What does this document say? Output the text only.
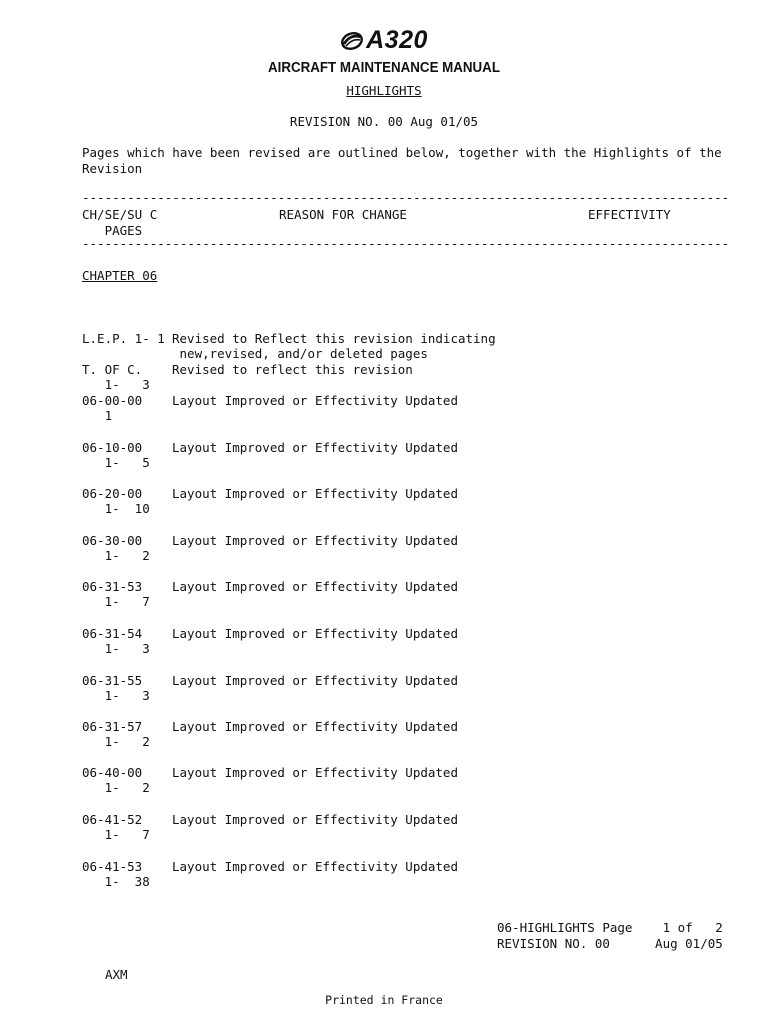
A320
AIRCRAFT MAINTENANCE MANUAL
HIGHLIGHTS
REVISION NO. 00 Aug 01/05
Pages which have been revised are outlined below, together with the Highlights of the
Revision
--------------------------------------------------------------------------------------
CH/SE/SU C
PAGES
REASON FOR CHANGE	EFFECTIVITY
--------------------------------------------------------------------------------------
CHAPTER 06
L.E.P. 1- 1 Revised to Reflect this revision indicating
new,revised, and/or deleted pages
T. OF C. Revised to reflect this revision
1-   3
06-00-00 Layout Improved or Effectivity Updated
1
06-10-00 Layout Improved or Effectivity Updated
1-   5
06-20-00 Layout Improved or Effectivity Updated
1-  10
06-30-00 Layout Improved or Effectivity Updated
1-   2
06-31-53 Layout Improved or Effectivity Updated
1-   7
06-31-54 Layout Improved or Effectivity Updated
1-   3
06-31-55 Layout Improved or Effectivity Updated
1-   3
06-31-57 Layout Improved or Effectivity Updated
1-   2
06-40-00 Layout Improved or Effectivity Updated
1-   2
06-41-52 Layout Improved or Effectivity Updated
1-   7
06-41-53 Layout Improved or Effectivity Updated
1-  38
06-HIGHLIGHTS Page    1 of   2
REVISION NO. 00      Aug 01/05
AXM
Printed in France
